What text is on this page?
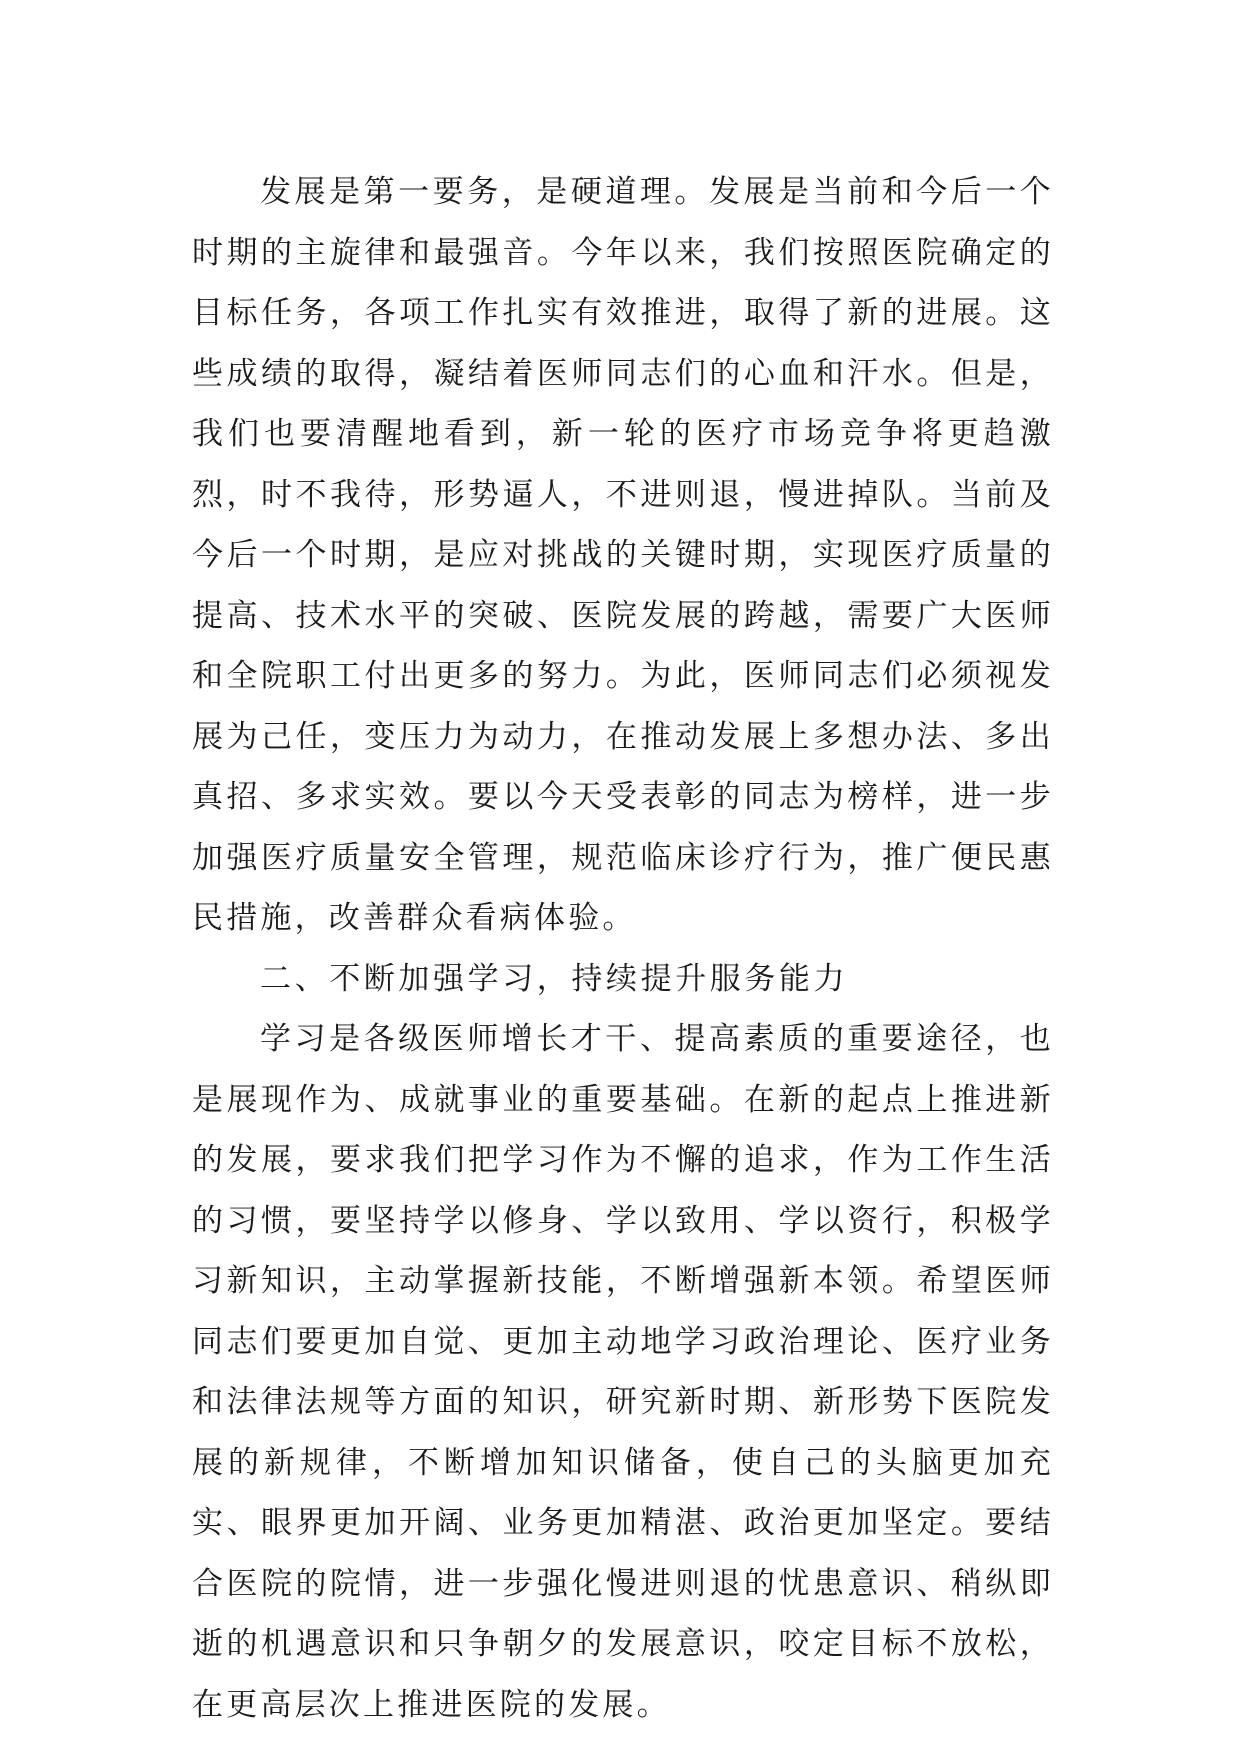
发展是第一要务，是硬道理。发展是当前和今后一个时期的主旋律和最强音。今年以来，我们按照医院确定的目标任务，各项工作扎实有效推进，取得了新的进展。这些成绩的取得，凝结着医师同志们的心血和汗水。但是，我们也要清醒地看到，新一轮的医疗市场竞争将更趋激烈，时不我待，形势逼人，不进则退，慢进掉队。当前及今后一个时期，是应对挑战的关键时期，实现医疗质量的提高、技术水平的突破、医院发展的跨越，需要广大医师和全院职工付出更多的努力。为此，医师同志们必须视发展为己任，变压力为动力，在推动发展上多想办法、多出真招、多求实效。要以今天受表彰的同志为榜样，进一步加强医疗质量安全管理，规范临床诊疗行为，推广便民惠民措施，改善群众看病体验。

二、不断加强学习，持续提升服务能力

学习是各级医师增长才干、提高素质的重要途径，也是展现作为、成就事业的重要基础。在新的起点上推进新的发展，要求我们把学习作为不懈的追求，作为工作生活的习惯，要坚持学以修身、学以致用、学以资行，积极学习新知识，主动掌握新技能，不断增强新本领。希望医师同志们要更加自觉、更加主动地学习政治理论、医疗业务和法律法规等方面的知识，研究新时期、新形势下医院发展的新规律，不断增加知识储备，使自己的头脑更加充实、眼界更加开阔、业务更加精湛、政治更加坚定。要结合医院的院情，进一步强化慢进则退的忧患意识、稍纵即逝的机遇意识和只争朝夕的发展意识，咬定目标不放松，在更高层次上推进医院的发展。
